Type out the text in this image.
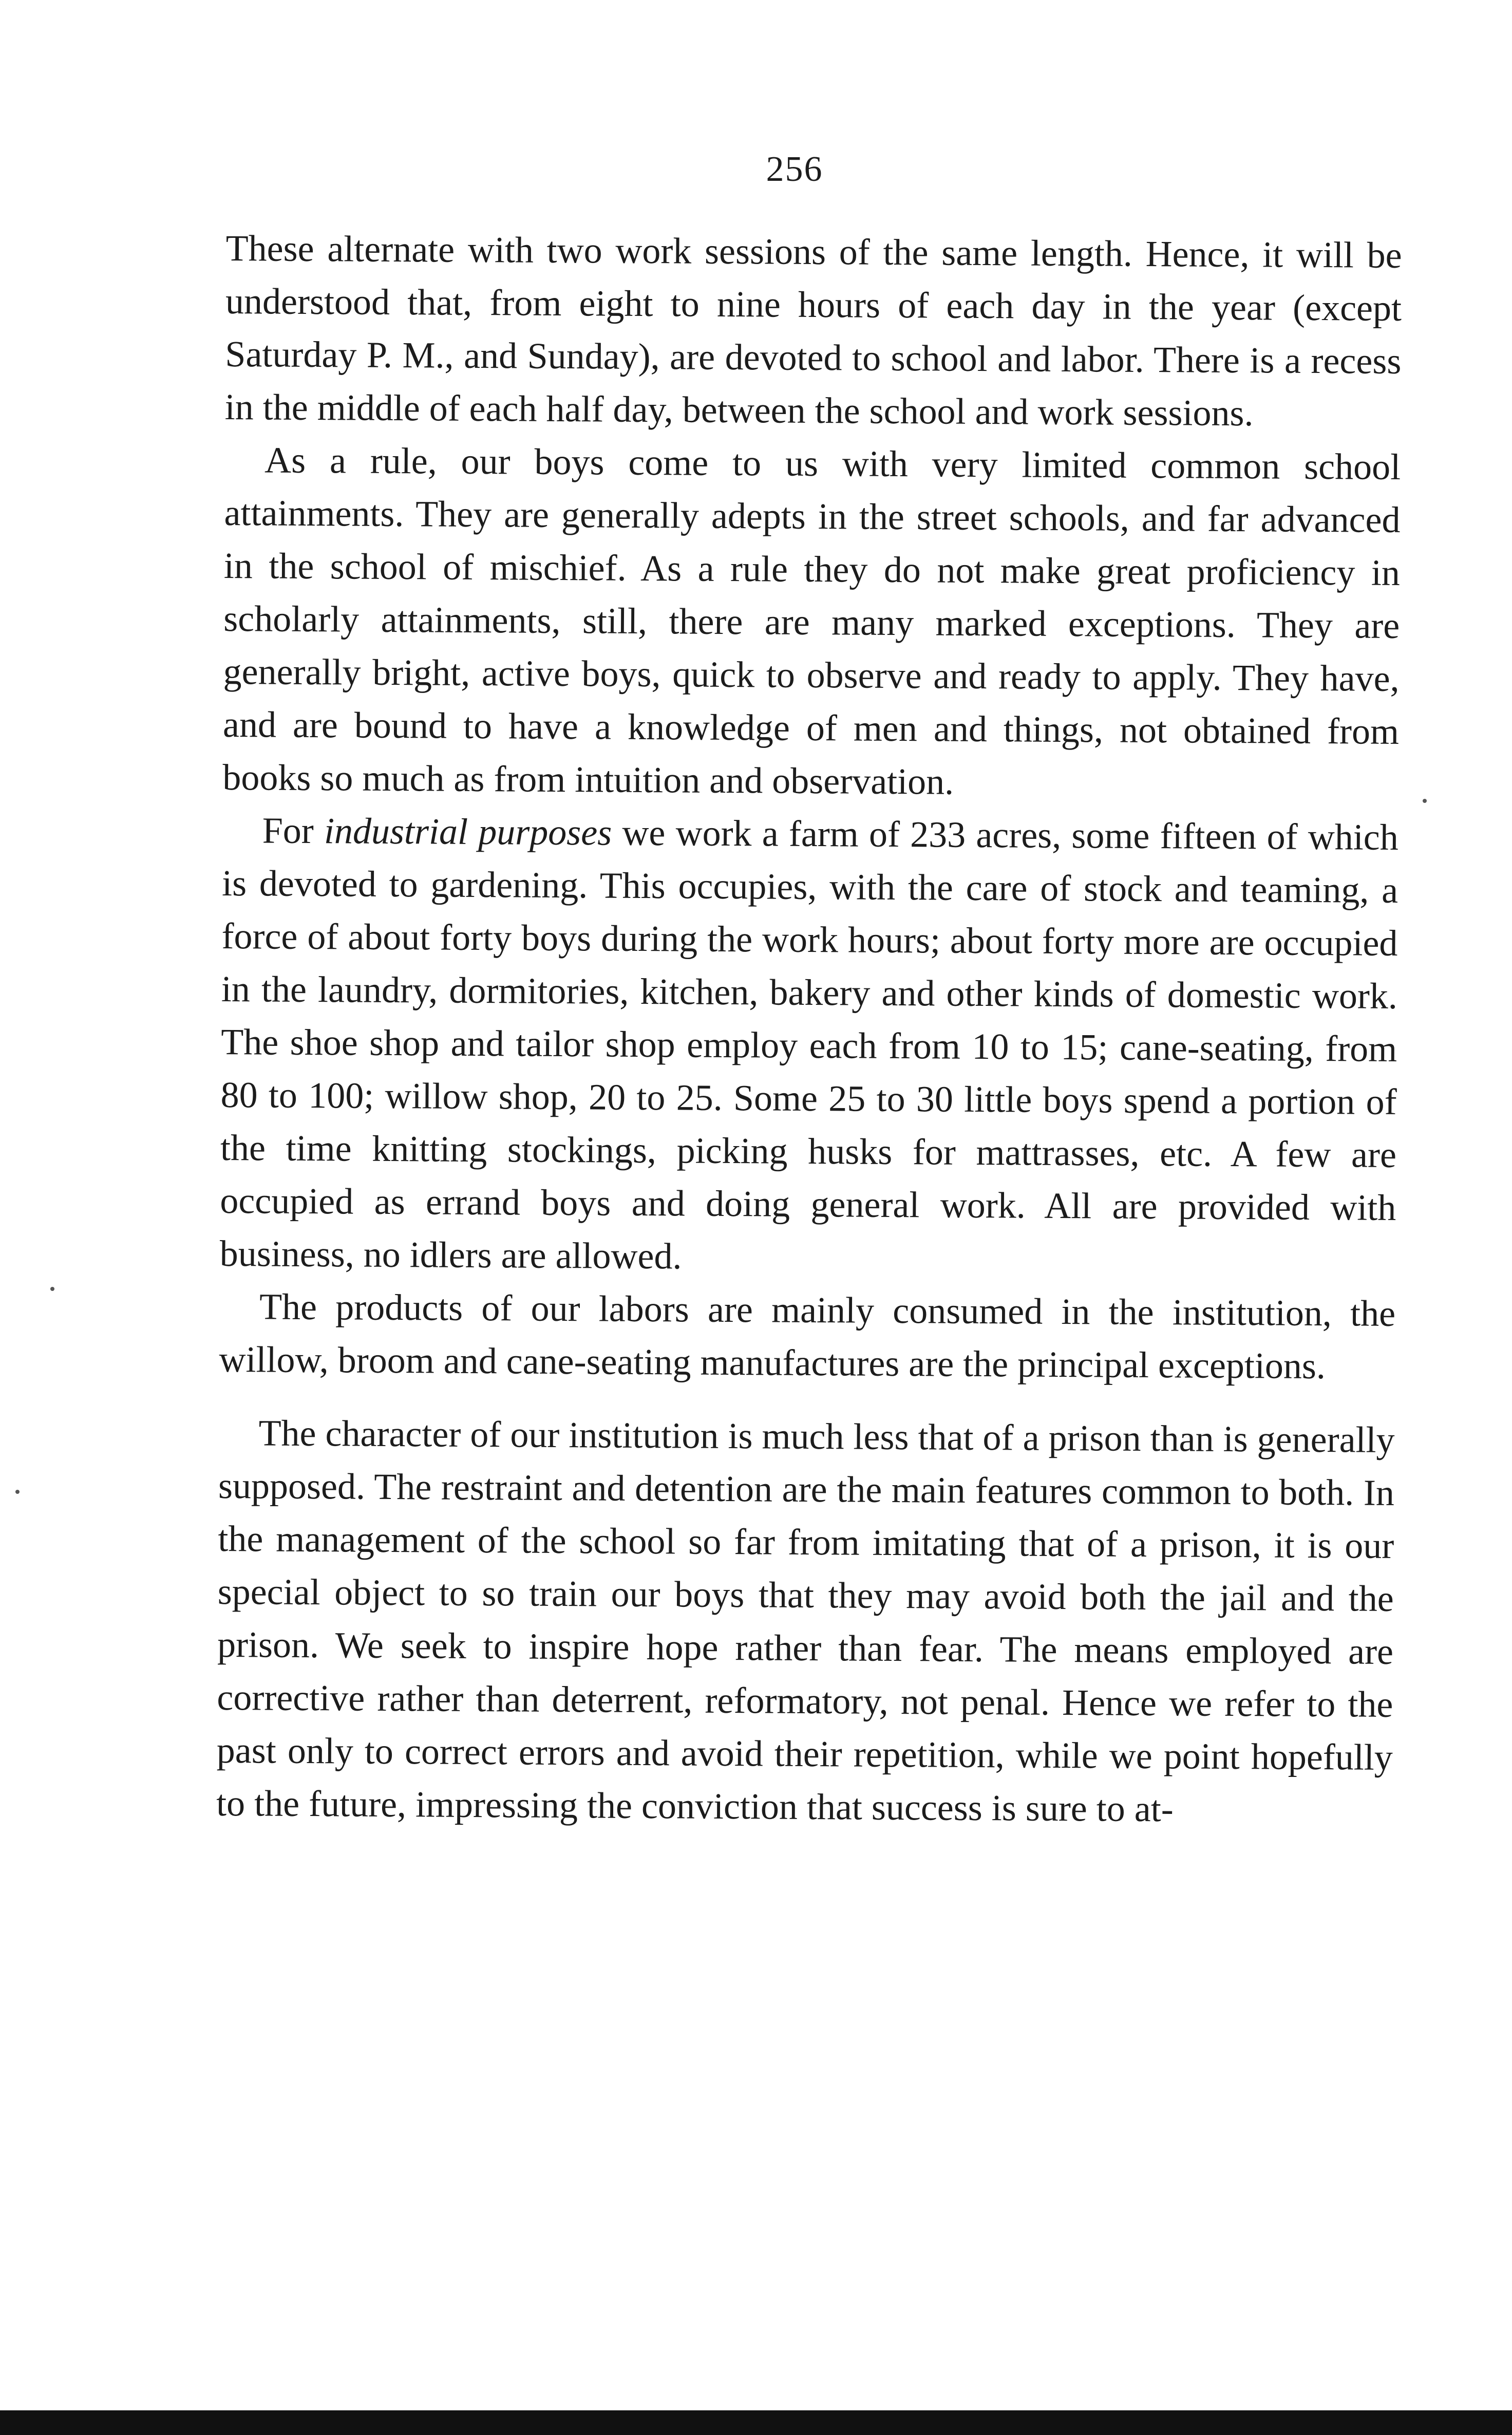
256

These alternate with two work sessions of the same length. Hence, it will be understood that, from eight to nine hours of each day in the year (except Saturday P. M., and Sunday), are devoted to school and labor. There is a recess in the middle of each half day, between the school and work sessions.

As a rule, our boys come to us with very limited common school attainments. They are generally adepts in the street schools, and far advanced in the school of mischief. As a rule they do not make great proficiency in scholarly attainments, still, there are many marked exceptions. They are generally bright, active boys, quick to observe and ready to apply. They have, and are bound to have a knowledge of men and things, not obtained from books so much as from intuition and observation.

For industrial purposes we work a farm of 233 acres, some fifteen of which is devoted to gardening. This occupies, with the care of stock and teaming, a force of about forty boys during the work hours; about forty more are occupied in the laundry, dormitories, kitchen, bakery and other kinds of domestic work. The shoe shop and tailor shop employ each from 10 to 15; cane-seating, from 80 to 100; willow shop, 20 to 25. Some 25 to 30 little boys spend a portion of the time knitting stockings, picking husks for mattrasses, etc. A few are occupied as errand boys and doing general work. All are provided with business, no idlers are allowed.

The products of our labors are mainly consumed in the institution, the willow, broom and cane-seating manufactures are the principal exceptions.

The character of our institution is much less that of a prison than is generally supposed. The restraint and detention are the main features common to both. In the management of the school so far from imitating that of a prison, it is our special object to so train our boys that they may avoid both the jail and the prison. We seek to inspire hope rather than fear. The means employed are corrective rather than deterrent, reformatory, not penal. Hence we refer to the past only to correct errors and avoid their repetition, while we point hopefully to the future, impressing the conviction that success is sure to at-
